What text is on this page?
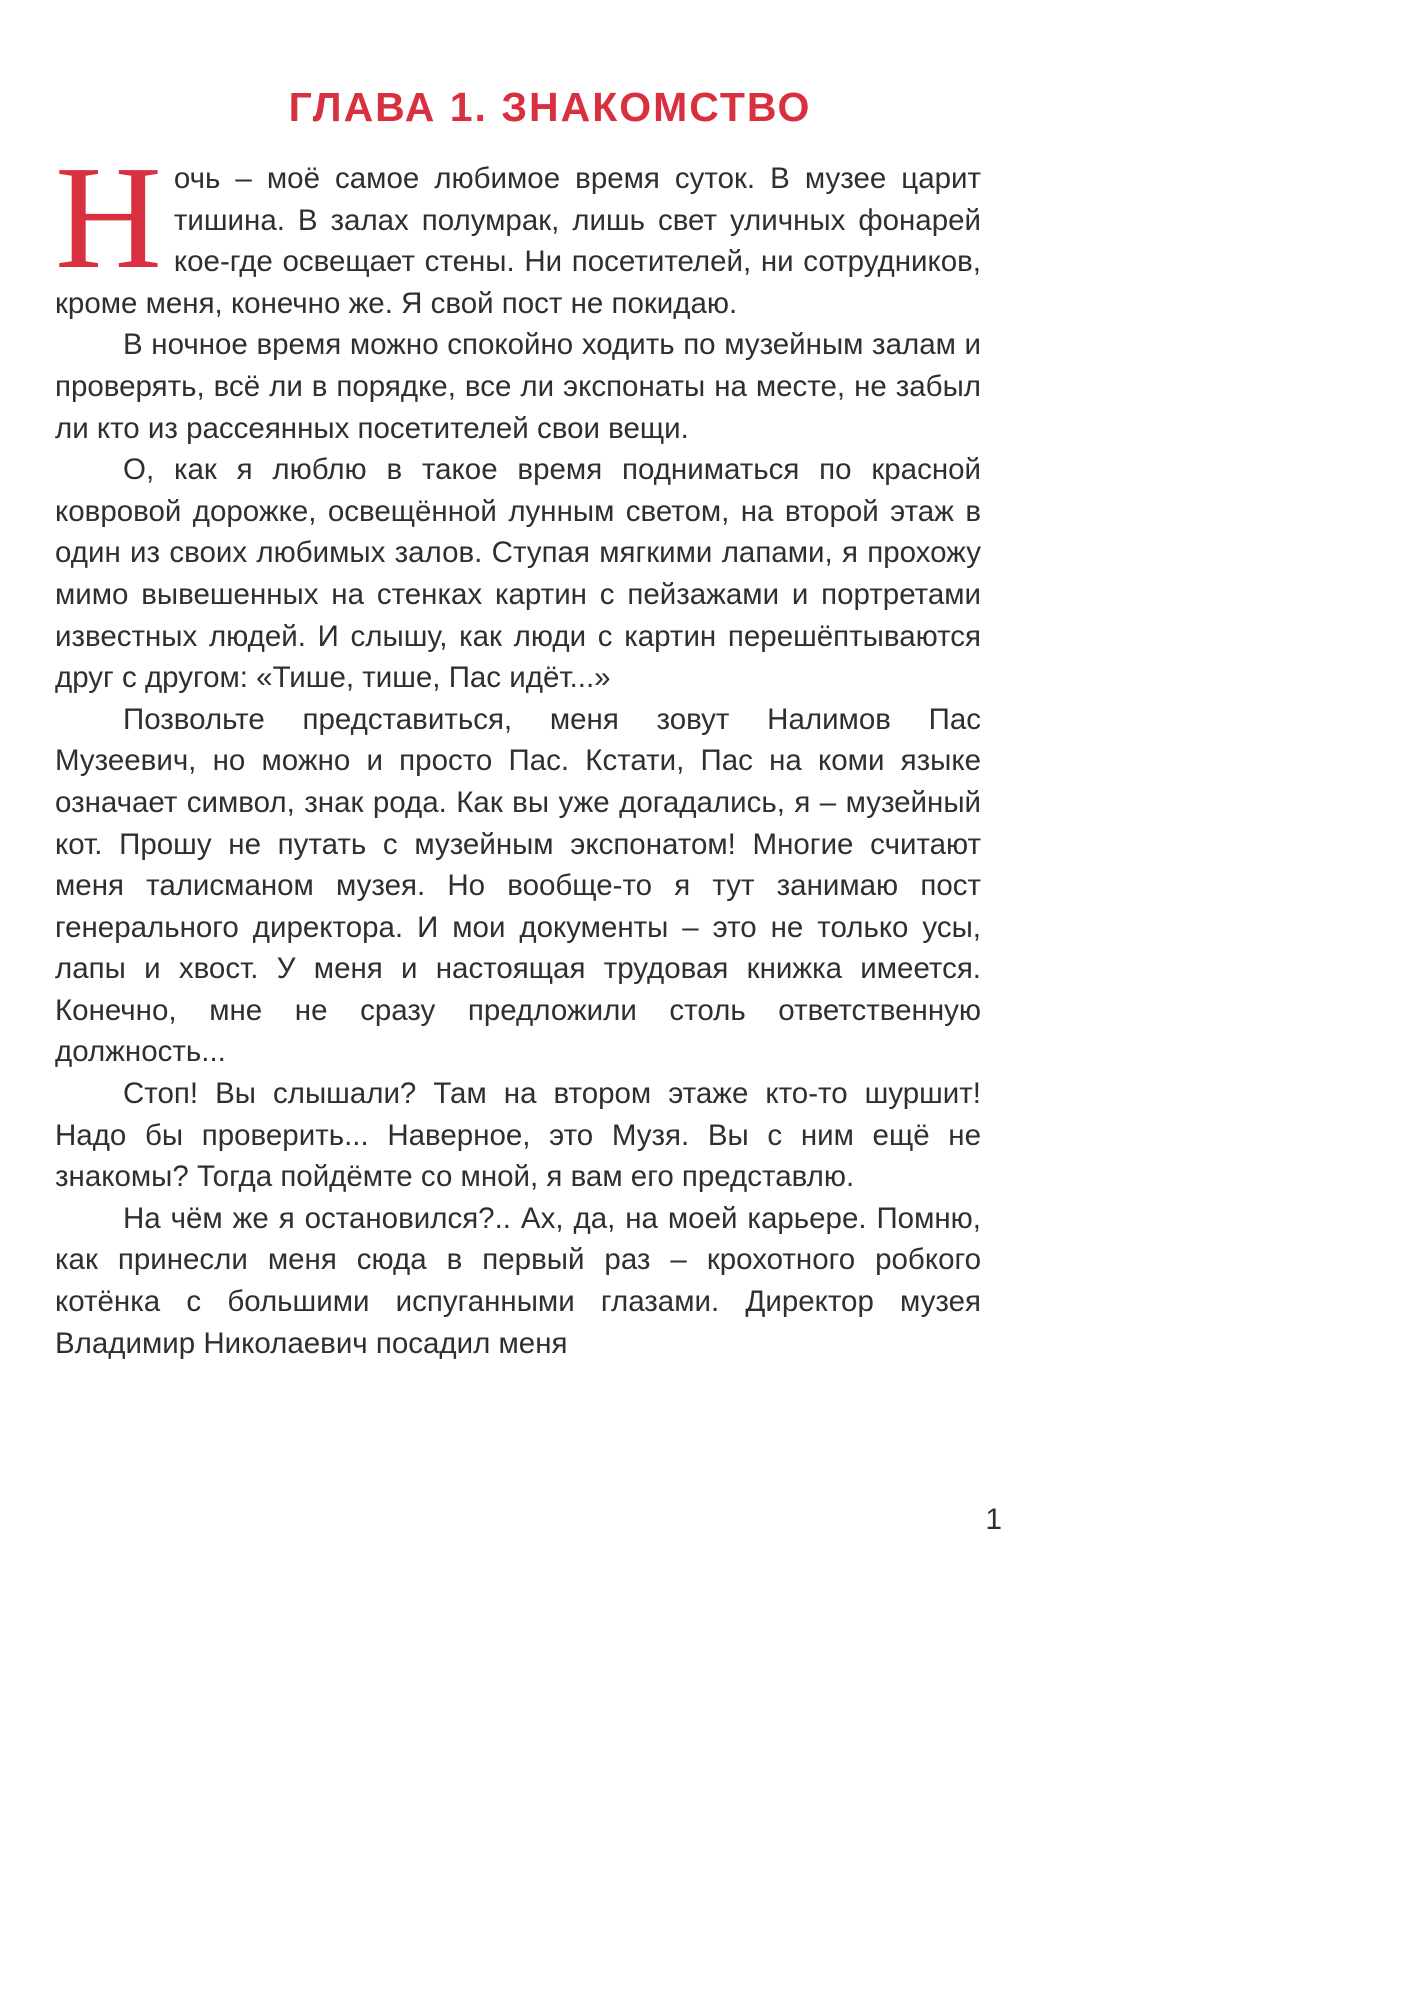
ГЛАВА 1. ЗНАКОМСТВО

Ночь – моё самое любимое время суток. В музее царит тишина. В залах полумрак, лишь свет уличных фонарей кое-где освещает стены. Ни посетителей, ни сотрудников, кроме меня, конечно же. Я свой пост не покидаю.

В ночное время можно спокойно ходить по музейным залам и проверять, всё ли в порядке, все ли экспонаты на месте, не забыл ли кто из рассеянных посетителей свои вещи.

О, как я люблю в такое время подниматься по красной ковровой дорожке, освещённой лунным светом, на второй этаж в один из своих любимых залов. Ступая мягкими лапами, я прохожу мимо вывешенных на стенках картин с пейзажами и портретами известных людей. И слышу, как люди с картин перешёптываются друг с другом: «Тише, тише, Пас идёт...»

Позвольте представиться, меня зовут Налимов Пас Музеевич, но можно и просто Пас. Кстати, Пас на коми языке означает символ, знак рода. Как вы уже догадались, я – музейный кот. Прошу не путать с музейным экспонатом! Многие считают меня талисманом музея. Но вообще-то я тут занимаю пост генерального директора. И мои документы – это не только усы, лапы и хвост. У меня и настоящая трудовая книжка имеется. Конечно, мне не сразу предложили столь ответственную должность...

Стоп! Вы слышали? Там на втором этаже кто-то шуршит! Надо бы проверить... Наверное, это Музя. Вы с ним ещё не знакомы? Тогда пойдёмте со мной, я вам его представлю.

На чём же я остановился?.. Ах, да, на моей карьере. Помню, как принесли меня сюда в первый раз – крохотного робкого котёнка с большими испуганными глазами. Директор музея Владимир Николаевич посадил меня

1
